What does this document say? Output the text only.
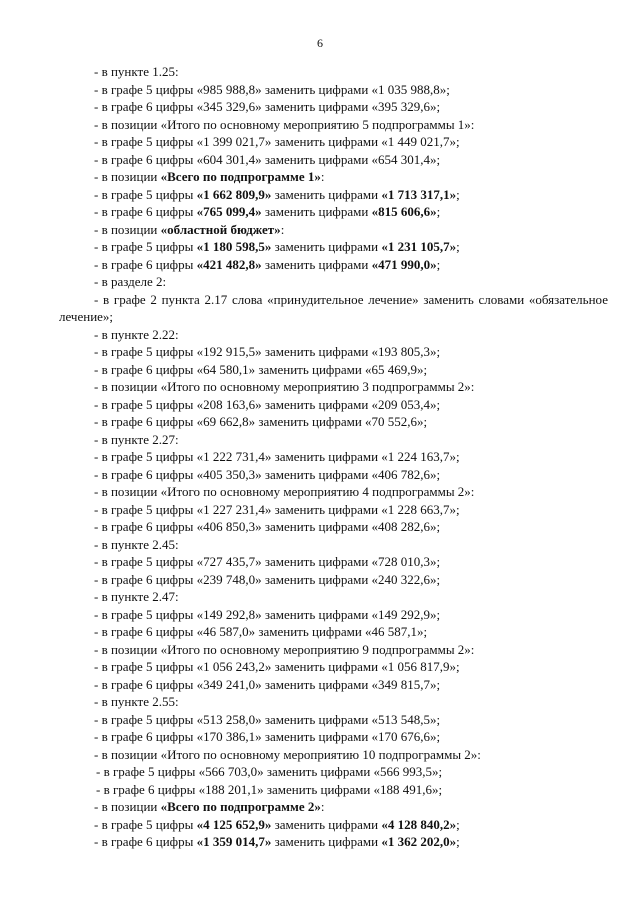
6
- в пункте 1.25:
- в графе 5 цифры «985 988,8» заменить цифрами «1 035 988,8»;
- в графе 6 цифры «345 329,6» заменить цифрами «395 329,6»;
- в позиции «Итого по основному мероприятию 5 подпрограммы 1»:
- в графе 5 цифры «1 399 021,7» заменить цифрами «1 449 021,7»;
- в графе 6 цифры «604 301,4» заменить цифрами «654 301,4»;
- в позиции «Всего по подпрограмме 1»:
- в графе 5 цифры «1 662 809,9» заменить цифрами «1 713 317,1»;
- в графе 6 цифры «765 099,4» заменить цифрами «815 606,6»;
- в позиции «областной бюджет»:
- в графе 5 цифры «1 180 598,5» заменить цифрами «1 231 105,7»;
- в графе 6 цифры «421 482,8» заменить цифрами «471 990,0»;
- в разделе 2:
- в графе 2 пункта 2.17 слова «принудительное лечение» заменить словами «обязательное лечение»;
- в пункте 2.22:
- в графе 5 цифры «192 915,5» заменить цифрами «193 805,3»;
- в графе 6 цифры «64 580,1» заменить цифрами «65 469,9»;
- в позиции «Итого по основному мероприятию 3 подпрограммы 2»:
- в графе 5 цифры «208 163,6» заменить цифрами «209 053,4»;
- в графе 6 цифры «69 662,8» заменить цифрами «70 552,6»;
- в пункте 2.27:
- в графе 5 цифры «1 222 731,4» заменить цифрами «1 224 163,7»;
- в графе 6 цифры «405 350,3» заменить цифрами «406 782,6»;
- в позиции «Итого по основному мероприятию 4 подпрограммы 2»:
- в графе 5 цифры «1 227 231,4» заменить цифрами «1 228 663,7»;
- в графе 6 цифры «406 850,3» заменить цифрами «408 282,6»;
- в пункте 2.45:
- в графе 5 цифры «727 435,7» заменить цифрами «728 010,3»;
- в графе 6 цифры «239 748,0» заменить цифрами «240 322,6»;
- в пункте 2.47:
- в графе 5 цифры «149 292,8» заменить цифрами «149 292,9»;
- в графе 6 цифры «46 587,0» заменить цифрами «46 587,1»;
- в позиции «Итого по основному мероприятию 9 подпрограммы 2»:
- в графе 5 цифры «1 056 243,2» заменить цифрами «1 056 817,9»;
- в графе 6 цифры «349 241,0» заменить цифрами «349 815,7»;
- в пункте 2.55:
- в графе 5 цифры «513 258,0» заменить цифрами «513 548,5»;
- в графе 6 цифры «170 386,1» заменить цифрами «170 676,6»;
- в позиции «Итого по основному мероприятию 10 подпрограммы 2»:
- в графе 5 цифры «566 703,0» заменить цифрами «566 993,5»;
- в графе 6 цифры «188 201,1» заменить цифрами «188 491,6»;
- в позиции «Всего по подпрограмме 2»:
- в графе 5 цифры «4 125 652,9» заменить цифрами «4 128 840,2»;
- в графе 6 цифры «1 359 014,7» заменить цифрами «1 362 202,0»;
